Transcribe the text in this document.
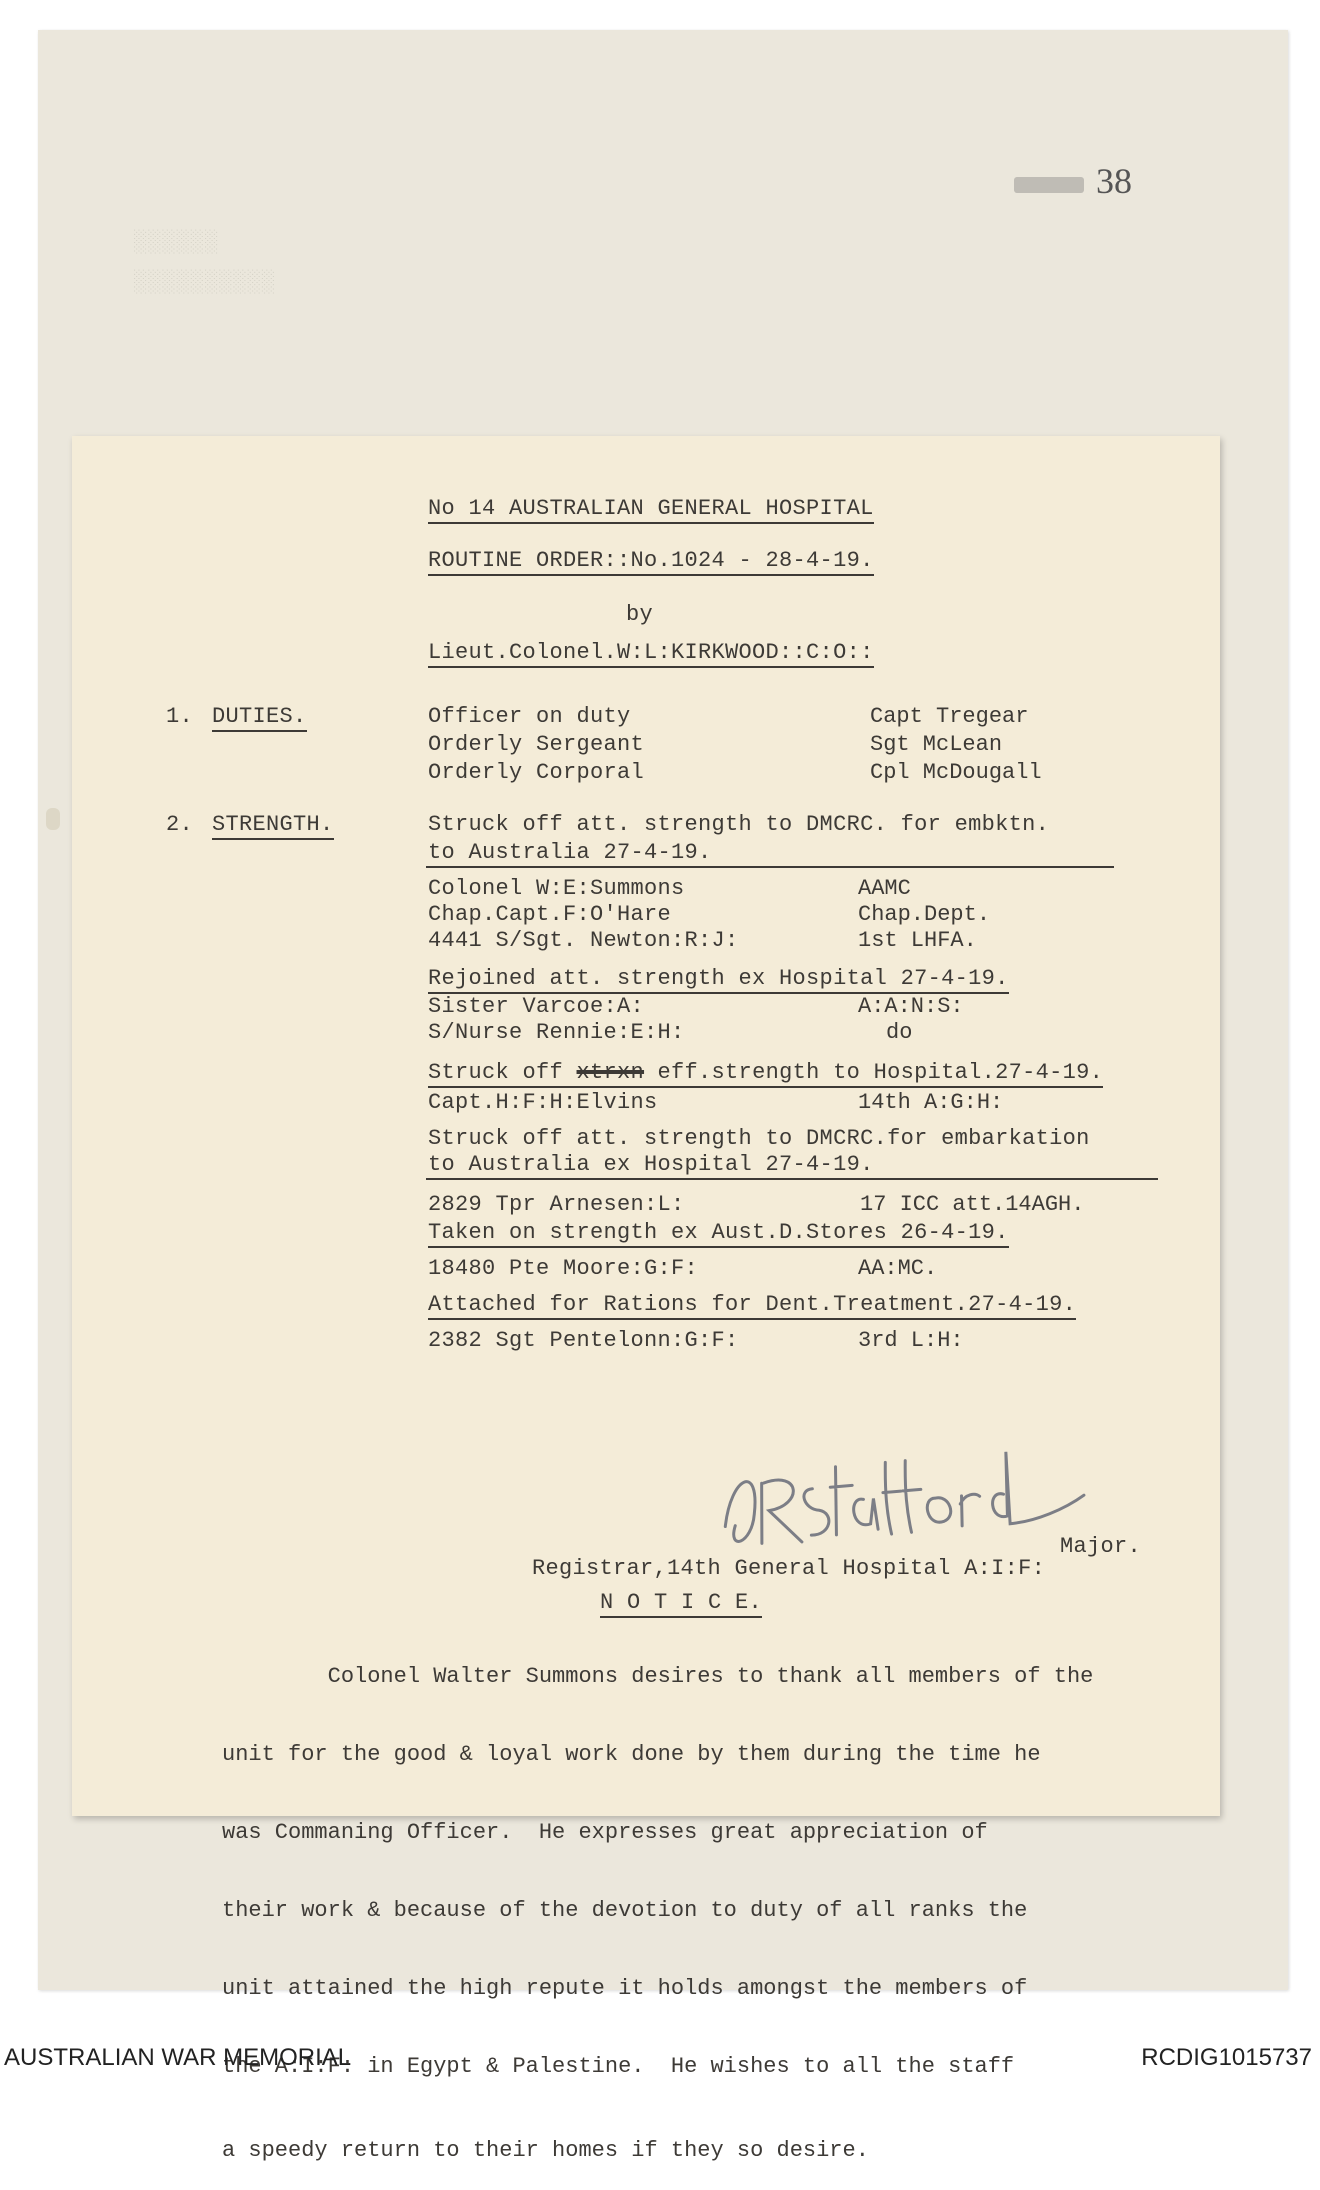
░░░░░░
░░░░░░░░░░
38
No 14 AUSTRALIAN GENERAL HOSPITAL
ROUTINE ORDER::No.1024 - 28-4-19.
by
Lieut.Colonel.W:L:KIRKWOOD::C:O::
1. DUTIES.	Officer on duty	Capt Tregear
Orderly Sergeant	Sgt McLean
Orderly Corporal	Cpl McDougall
2. STRENGTH.	Struck off att. strength to DMCRC. for embktn.
to Australia 27-4-19.
Colonel W:E:Summons	AAMC
Chap.Capt.F:O'Hare	Chap.Dept.
4441 S/Sgt. Newton:R:J:	1st LHFA.
Rejoined att. strength ex Hospital 27-4-19.
Sister Varcoe:A:	A:A:N:S:
S/Nurse Rennie:E:H:	do
Struck off xtrxn eff.strength to Hospital.27-4-19.
Capt.H:F:H:Elvins	14th A:G:H:
Struck off att. strength to DMCRC.for embarkation
to Australia ex Hospital 27-4-19.
2829 Tpr Arnesen:L:	17 ICC att.14AGH.
Taken on strength ex Aust.D.Stores 26-4-19.
18480 Pte Moore:G:F:	AA:MC.
Attached for Rations for Dent.Treatment.27-4-19.
2382 Sgt Pentelonn:G:F:	3rd L:H:
Major.
Registrar,14th General Hospital A:I:F:
N O T I C E.

Colonel Walter Summons desires to thank all members of the

unit for the good & loyal work done by them during the time he

was Commaning Officer.  He expresses great appreciation of

their work & because of the devotion to duty of all ranks the

unit attained the high repute it holds amongst the members of

the A:I:F: in Egypt & Palestine.  He wishes to all the staff

a speedy return to their homes if they so desire.

AUSTRALIAN WAR MEMORIAL	RCDIG1015737
